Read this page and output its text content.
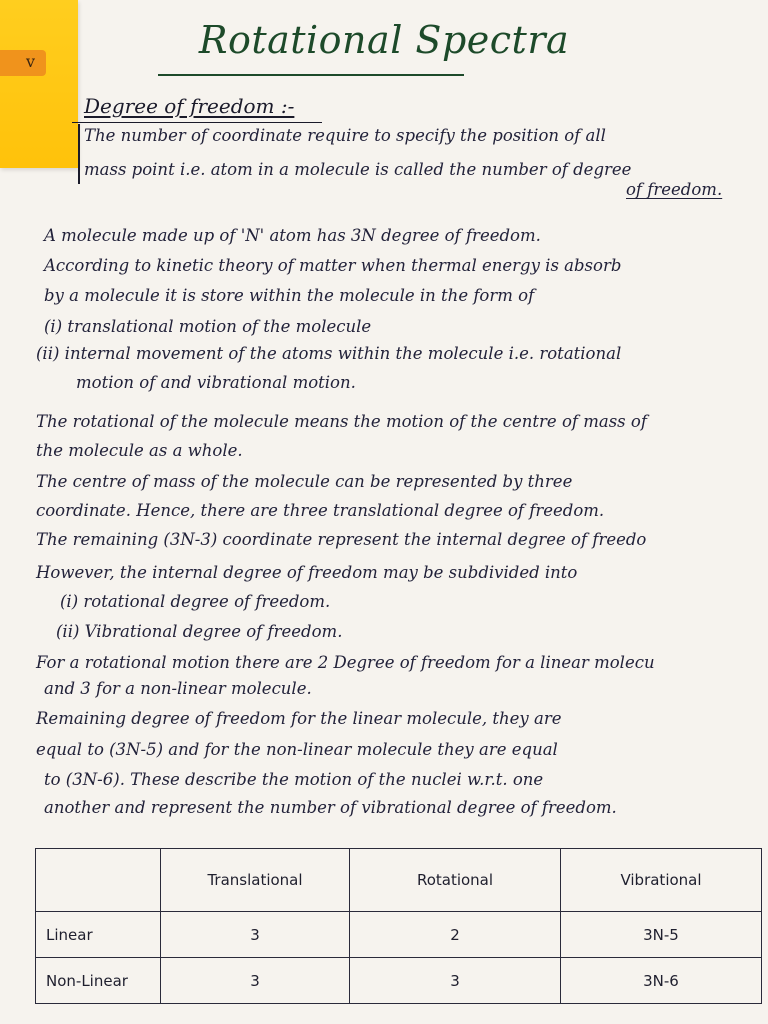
v	Rotational Spectra
Degree of freedom :-
The number of coordinate require to specify the position of all
mass point i.e. atom in a molecule is called the number of degree
of freedom.
A molecule made up of 'N' atom has 3N degree of freedom.
According to kinetic theory of matter when thermal energy is absorb
by a molecule it is store within the molecule in the form of
(i) translational motion of the molecule
(ii) internal movement of the atoms within the molecule i.e. rotational
motion of and vibrational motion.
The rotational of the molecule means the motion of the centre of mass of
the molecule as a whole.
The centre of mass of the molecule can be represented by three
coordinate. Hence, there are three translational degree of freedom.
The remaining (3N-3) coordinate represent the internal degree of freedo
However, the internal degree of freedom may be subdivided into
(i) rotational degree of freedom.
(ii) Vibrational degree of freedom.
For a rotational motion there are 2 Degree of freedom for a linear molecu
and 3 for a non-linear molecule.
Remaining degree of freedom for the linear molecule, they are
equal to (3N-5) and for the non-linear molecule they are equal
to (3N-6). These describe the motion of the nuclei w.r.t. one
another and represent the number of vibrational degree of freedom.
	Translational	Rotational	Vibrational
Linear	3	2	3N-5
Non-Linear	3	3	3N-6
